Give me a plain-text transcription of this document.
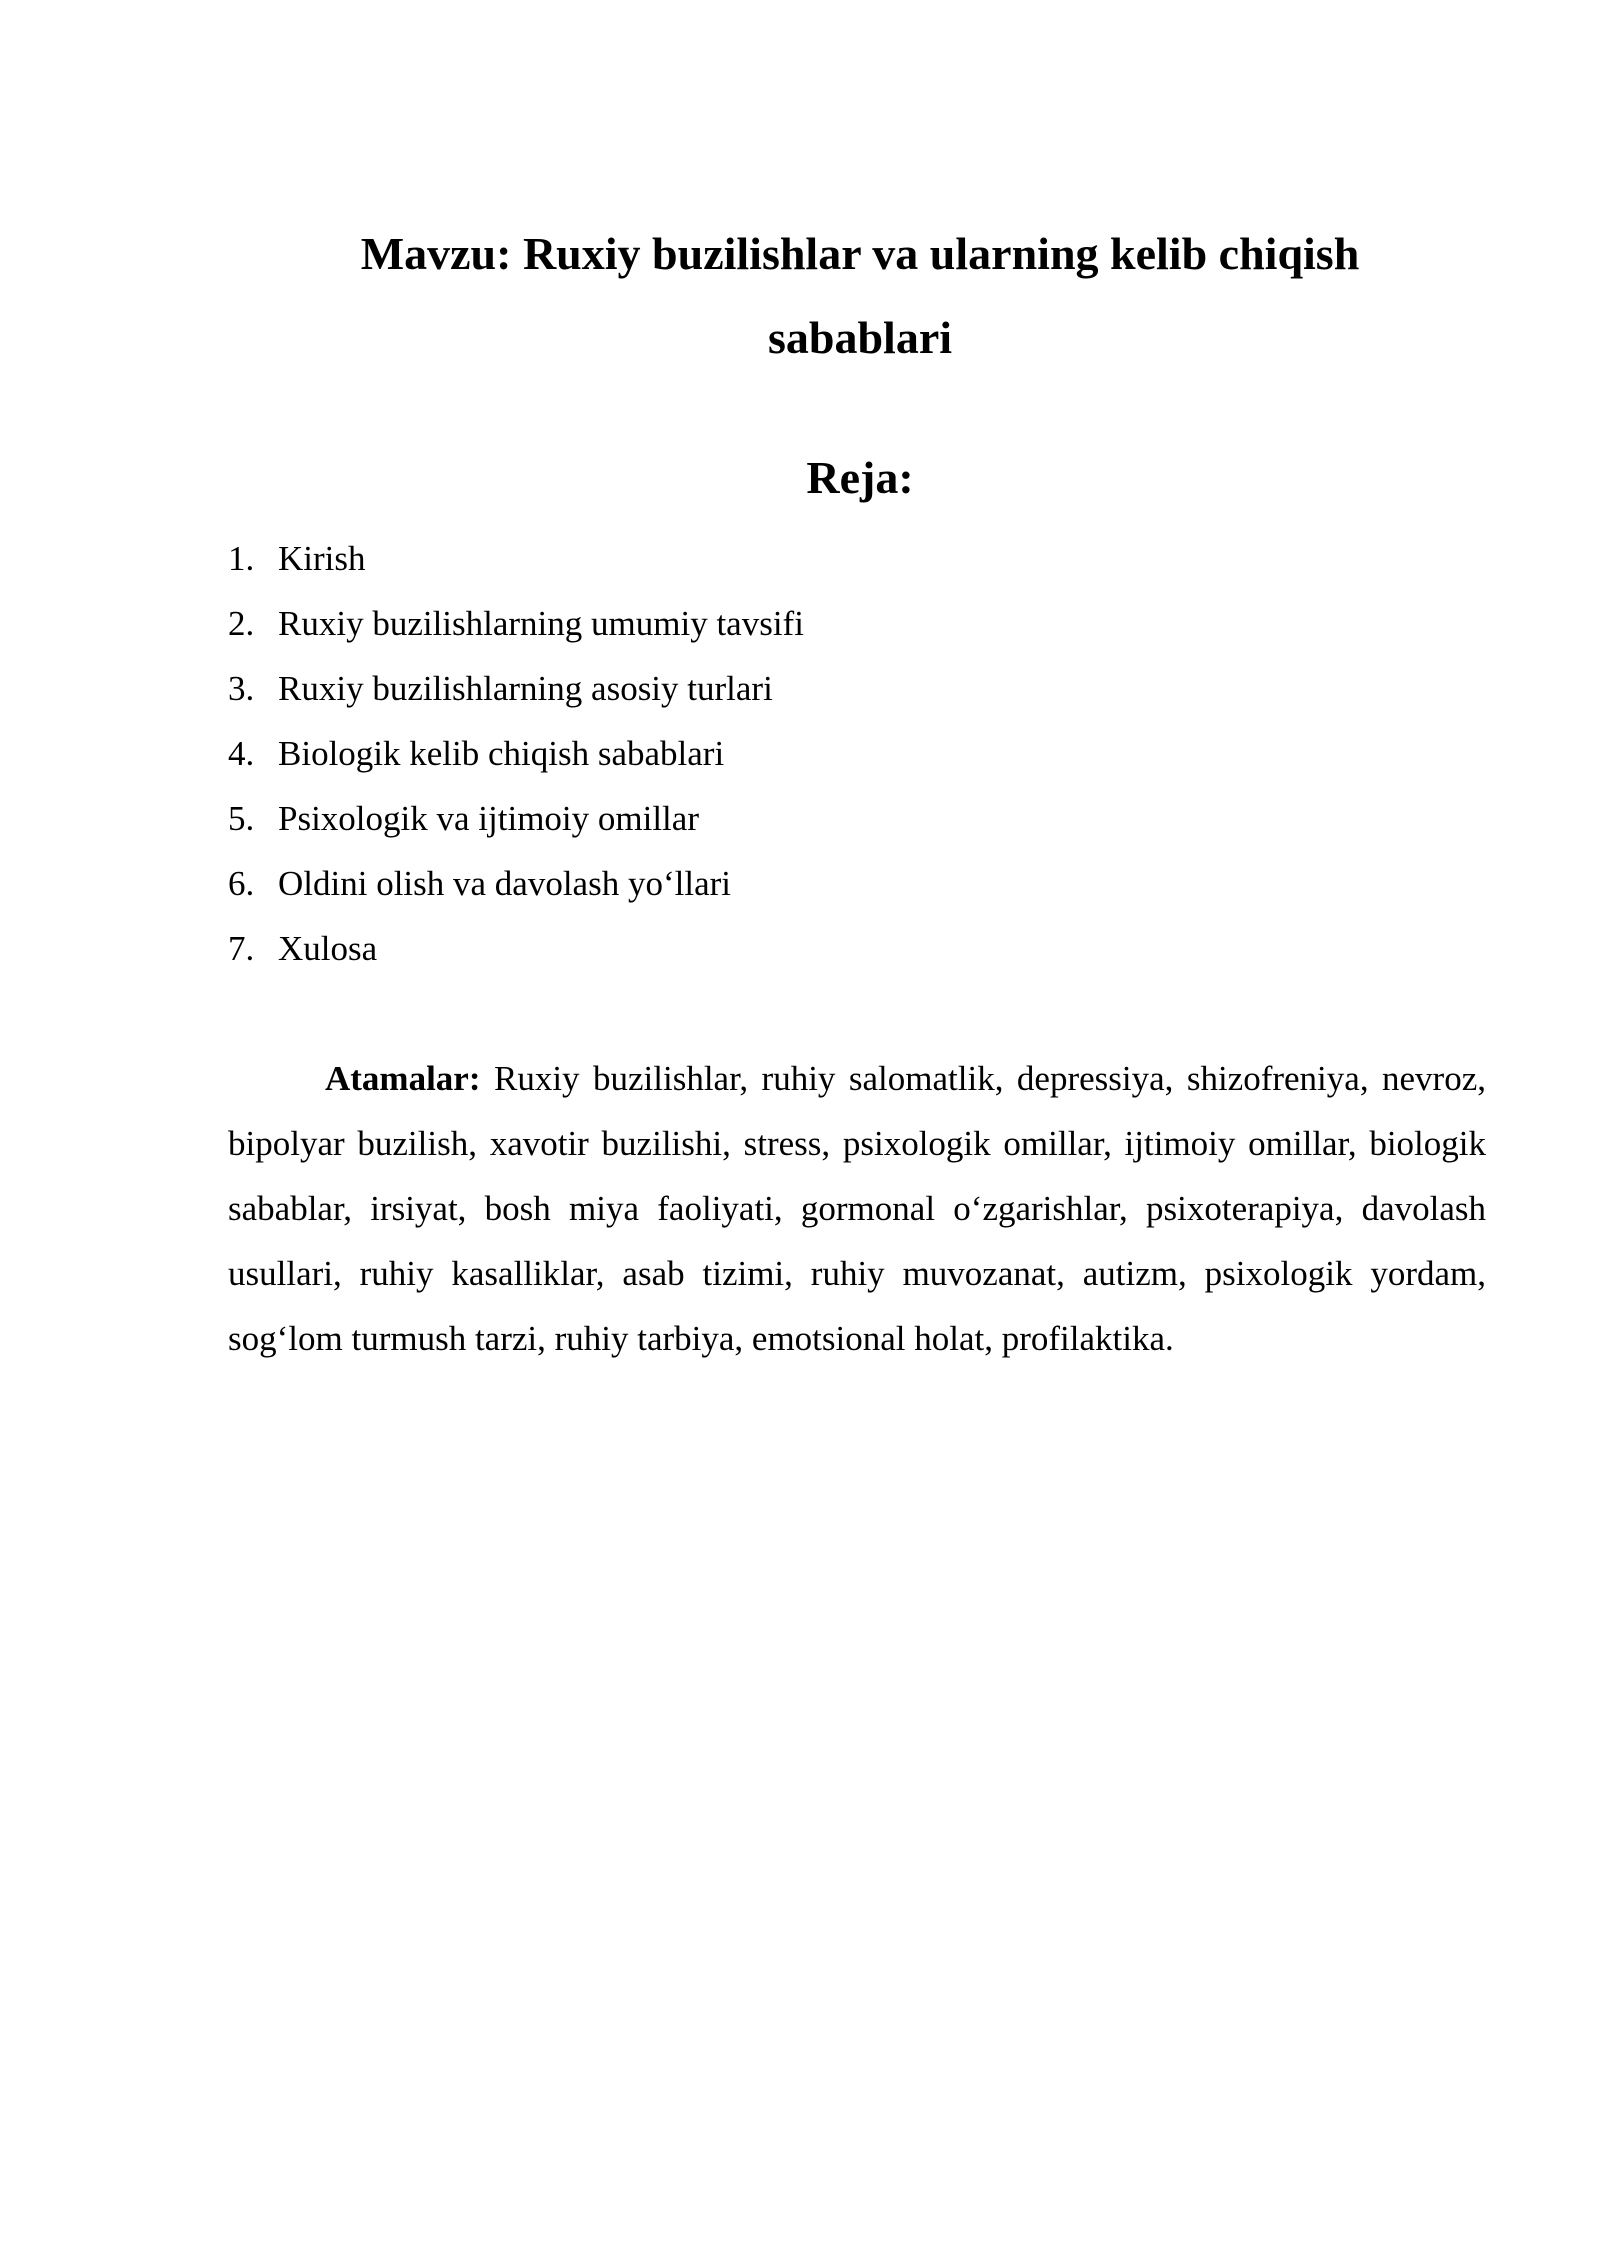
Mavzu: Ruxiy buzilishlar va ularning kelib chiqish sabablari
Reja:
1. Kirish
2. Ruxiy buzilishlarning umumiy tavsifi
3. Ruxiy buzilishlarning asosiy turlari
4. Biologik kelib chiqish sabablari
5. Psixologik va ijtimoiy omillar
6. Oldini olish va davolash yo‘llari
7. Xulosa

Atamalar: Ruxiy buzilishlar, ruhiy salomatlik, depressiya, shizofreniya, nevroz, bipolyar buzilish, xavotir buzilishi, stress, psixologik omillar, ijtimoiy omillar, biologik sabablar, irsiyat, bosh miya faoliyati, gormonal o‘zgarishlar, psixoterapiya, davolash usullari, ruhiy kasalliklar, asab tizimi, ruhiy muvozanat, autizm, psixologik yordam, sog‘lom turmush tarzi, ruhiy tarbiya, emotsional holat, profilaktika.
